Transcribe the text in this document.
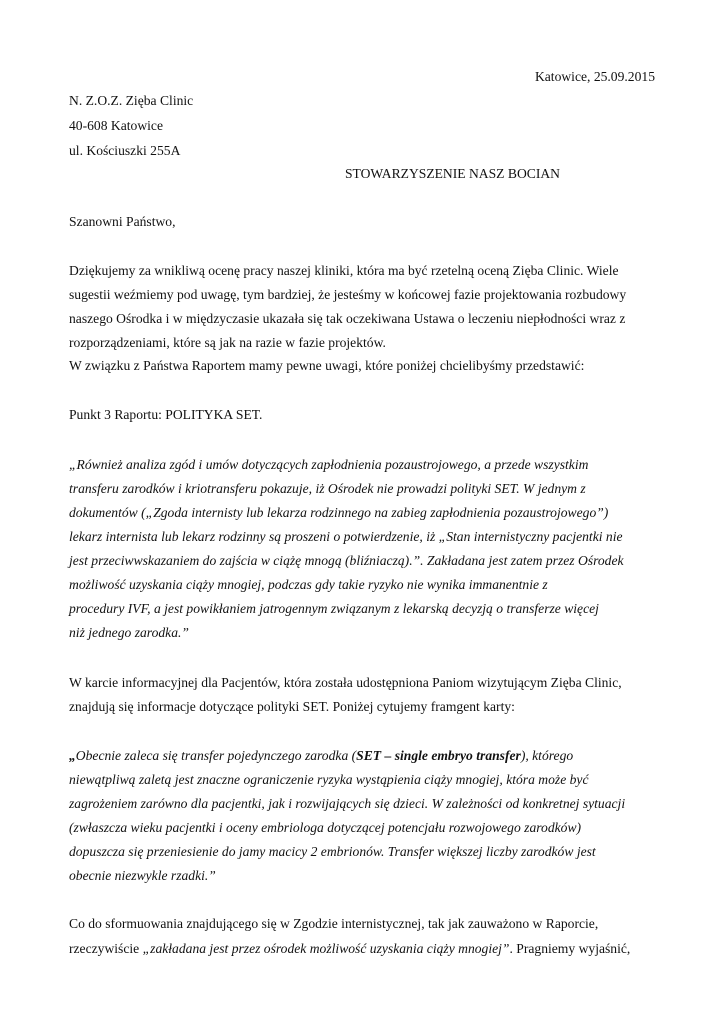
Katowice, 25.09.2015
N. Z.O.Z. Zięba Clinic
40-608 Katowice
ul. Kościuszki 255A
STOWARZYSZENIE NASZ BOCIAN
Szanowni Państwo,
Dziękujemy za wnikliwą ocenę pracy naszej kliniki, która ma być rzetelną oceną Zięba Clinic. Wiele
sugestii weźmiemy pod uwagę, tym bardziej, że jesteśmy w końcowej fazie projektowania rozbudowy
naszego Ośrodka i w międzyczasie ukazała się tak oczekiwana Ustawa o leczeniu niepłodności wraz z
rozporządzeniami, które są jak na razie w fazie projektów.
W związku z Państwa Raportem mamy pewne uwagi, które poniżej chcielibyśmy przedstawić:
Punkt 3 Raportu: POLITYKA SET.
„Również analiza zgód i umów dotyczących zapłodnienia pozaustrojowego, a przede wszystkim
transferu zarodków i kriotransferu pokazuje, iż Ośrodek nie prowadzi polityki SET. W jednym z
dokumentów („Zgoda internisty lub lekarza rodzinnego na zabieg zapłodnienia pozaustrojowego”)
lekarz internista lub lekarz rodzinny są proszeni o potwierdzenie, iż „Stan internistyczny pacjentki nie
jest przeciwwskazaniem do zajścia w ciążę mnogą (bliźniaczą).”. Zakładana jest zatem przez Ośrodek
możliwość uzyskania ciąży mnogiej, podczas gdy takie ryzyko nie wynika immanentnie z
procedury IVF, a jest powikłaniem jatrogennym związanym z lekarską decyzją o transferze więcej
niż jednego zarodka.”
W karcie informacyjnej dla Pacjentów, która została udostępniona Paniom wizytującym Zięba Clinic,
znajdują się informacje dotyczące polityki SET. Poniżej cytujemy framgent karty:
„Obecnie zaleca się transfer pojedynczego zarodka (SET – single embryo transfer), którego
niewątpliwą zaletą jest znaczne ograniczenie ryzyka wystąpienia ciąży mnogiej, która może być
zagrożeniem zarówno dla pacjentki, jak i rozwijających się dzieci. W zależności od konkretnej sytuacji
(zwłaszcza wieku pacjentki i oceny embriologa dotyczącej potencjału rozwojowego zarodków)
dopuszcza się przeniesienie do jamy macicy 2 embrionów. Transfer większej liczby zarodków jest
obecnie niezwykle rzadki.”
Co do sformuowania znajdującego się w Zgodzie internistycznej, tak jak zauważono w Raporcie,
rzeczywiście „zakładana jest przez ośrodek możliwość uzyskania ciąży mnogiej”. Pragniemy wyjaśnić,
